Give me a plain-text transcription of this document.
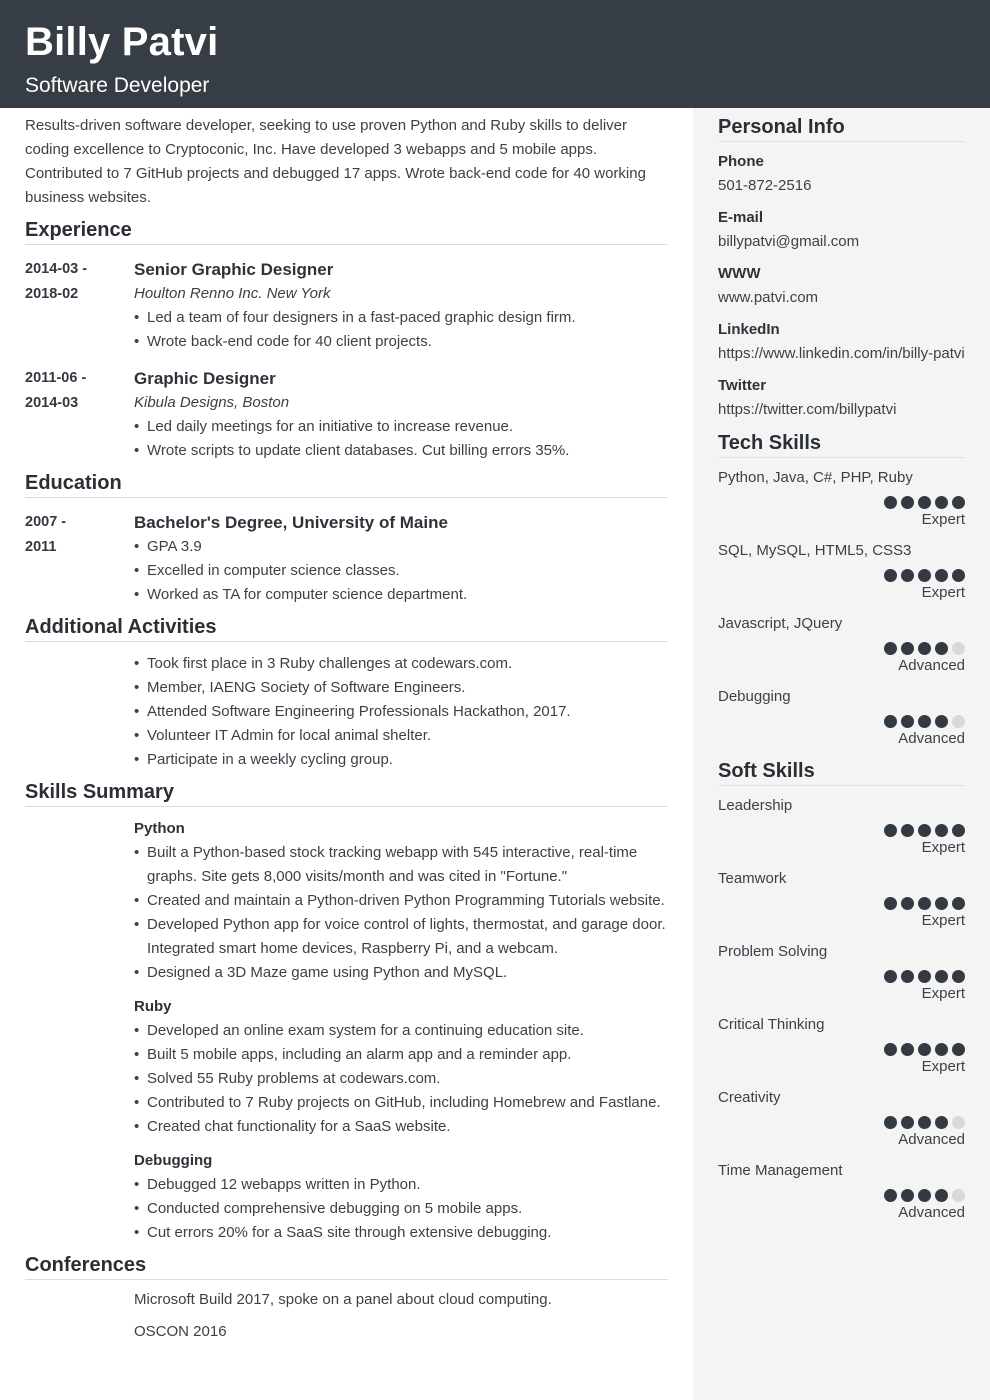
Billy Patvi
Software Developer
Personal Info
Phone
501-872-2516
E-mail
billypatvi@gmail.com
WWW
www.patvi.com
LinkedIn
https://www.linkedin.com/in/billy-patvi
Twitter
https://twitter.com/billypatvi
Tech Skills
Python, Java, C#, PHP, Ruby
Expert
SQL, MySQL, HTML5, CSS3
Expert
Javascript, JQuery
Advanced
Debugging
Advanced
Soft Skills
Leadership
Expert
Teamwork
Expert
Problem Solving
Expert
Critical Thinking
Expert
Creativity
Advanced
Time Management
Advanced
Results-driven software developer, seeking to use proven Python and Ruby skills to deliver coding excellence to Cryptoconic, Inc. Have developed 3 webapps and 5 mobile apps. Contributed to 7 GitHub projects and debugged 17 apps. Wrote back-end code for 40 working business websites.
Experience
2014-03 -
2018-02
Senior Graphic Designer
Houlton Renno Inc. New York
• Led a team of four designers in a fast-paced graphic design firm.
• Wrote back-end code for 40 client projects.
2011-06 -
2014-03
Graphic Designer
Kibula Designs, Boston
• Led daily meetings for an initiative to increase revenue.
• Wrote scripts to update client databases. Cut billing errors 35%.
Education
2007 -
2011
Bachelor's Degree, University of Maine
• GPA 3.9
• Excelled in computer science classes.
• Worked as TA for computer science department.
Additional Activities
• Took first place in 3 Ruby challenges at codewars.com.
• Member, IAENG Society of Software Engineers.
• Attended Software Engineering Professionals Hackathon, 2017.
• Volunteer IT Admin for local animal shelter.
• Participate in a weekly cycling group.
Skills Summary
Python
• Built a Python-based stock tracking webapp with 545 interactive, real-time graphs. Site gets 8,000 visits/month and was cited in "Fortune."
• Created and maintain a Python-driven Python Programming Tutorials website.
• Developed Python app for voice control of lights, thermostat, and garage door. Integrated smart home devices, Raspberry Pi, and a webcam.
• Designed a 3D Maze game using Python and MySQL.
Ruby
• Developed an online exam system for a continuing education site.
• Built 5 mobile apps, including an alarm app and a reminder app.
• Solved 55 Ruby problems at codewars.com.
• Contributed to 7 Ruby projects on GitHub, including Homebrew and Fastlane.
• Created chat functionality for a SaaS website.
Debugging
• Debugged 12 webapps written in Python.
• Conducted comprehensive debugging on 5 mobile apps.
• Cut errors 20% for a SaaS site through extensive debugging.
Conferences
Microsoft Build 2017, spoke on a panel about cloud computing.
OSCON 2016
